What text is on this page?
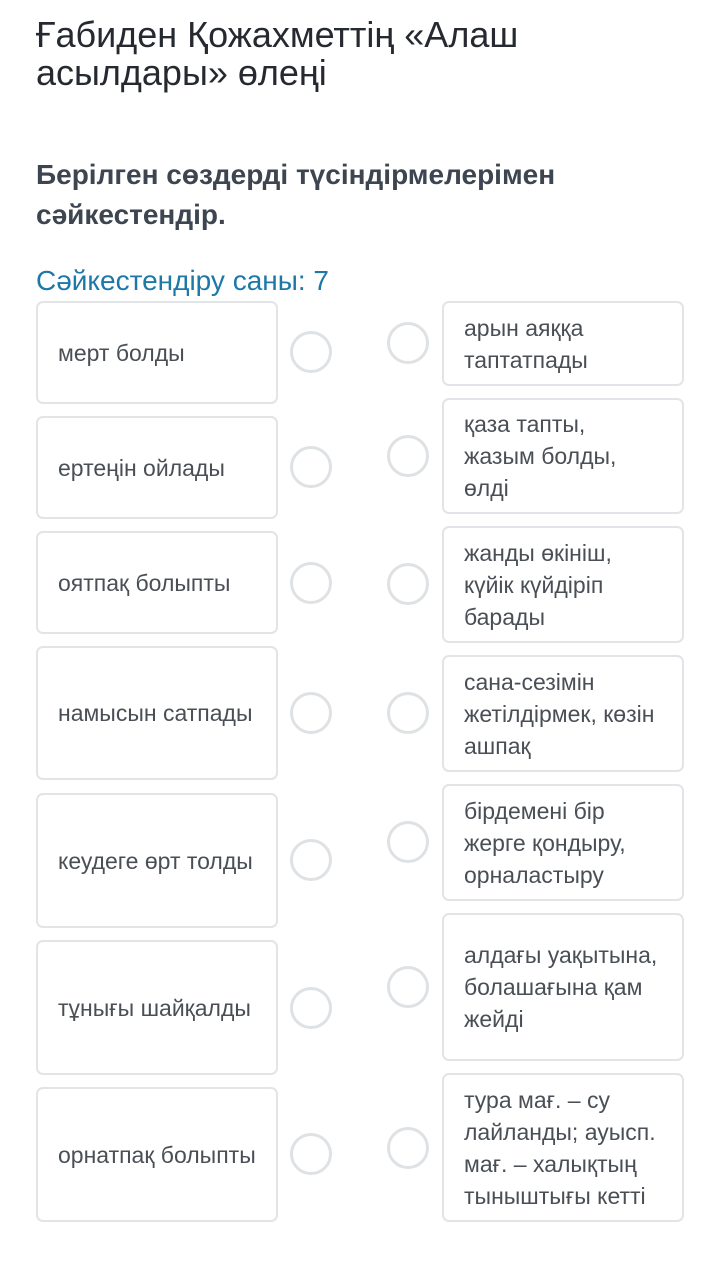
Ғабиден Қожахметтің «Алаш асылдары» өлеңі

Берілген сөздерді түсіндірмелерімен сәйкестендір.

Сәйкестендіру саны: 7
мерт болды
ертеңін ойлады
оятпақ болыпты
намысын сатпады
кеудеге өрт толды
тұнығы шайқалды
орнатпақ болыпты
арын аяққа таптатпады
қаза тапты, жазым болды, өлді
жанды өкініш, күйік күйдіріп барады
сана-сезімін жетілдірмек, көзін ашпақ
бірдемені бір жерге қондыру, орналастыру
алдағы уақытына, болашағына қам жейді
тура мағ. – су лайланды; ауысп. мағ. – халықтың тыныштығы кетті
